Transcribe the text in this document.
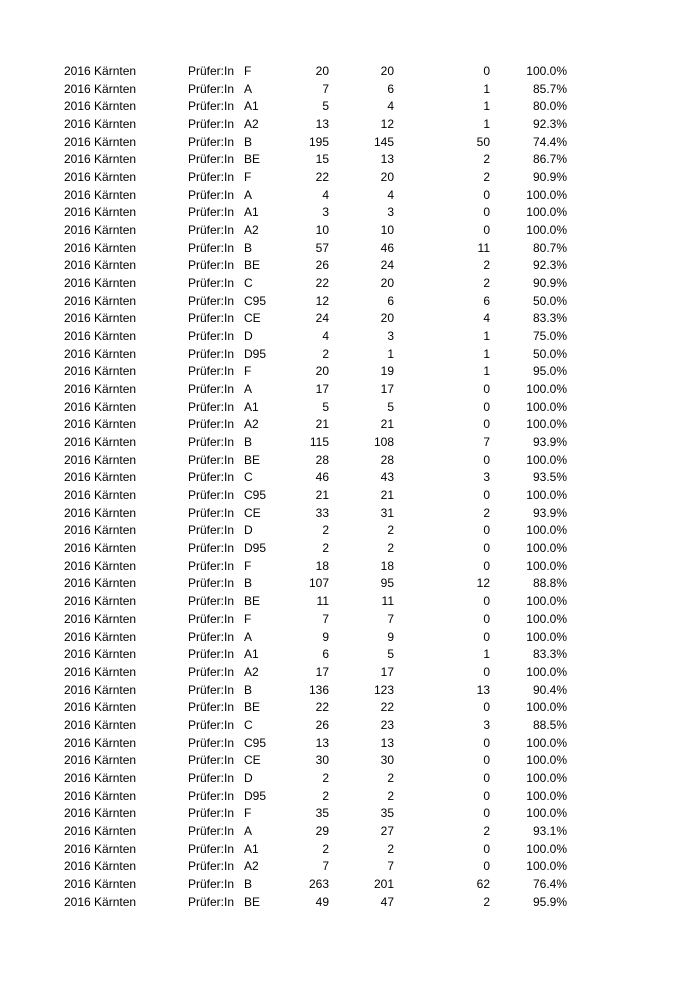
2016 Kärnten	Prüfer:In F	20	20	0	100.0%
2016 Kärnten	Prüfer:In A	7	6	1	85.7%
2016 Kärnten	Prüfer:In A1	5	4	1	80.0%
2016 Kärnten	Prüfer:In A2	13	12	1	92.3%
2016 Kärnten	Prüfer:In B	195	145	50	74.4%
2016 Kärnten	Prüfer:In BE	15	13	2	86.7%
2016 Kärnten	Prüfer:In F	22	20	2	90.9%
2016 Kärnten	Prüfer:In A	4	4	0	100.0%
2016 Kärnten	Prüfer:In A1	3	3	0	100.0%
2016 Kärnten	Prüfer:In A2	10	10	0	100.0%
2016 Kärnten	Prüfer:In B	57	46	11	80.7%
2016 Kärnten	Prüfer:In BE	26	24	2	92.3%
2016 Kärnten	Prüfer:In C	22	20	2	90.9%
2016 Kärnten	Prüfer:In C95	12	6	6	50.0%
2016 Kärnten	Prüfer:In CE	24	20	4	83.3%
2016 Kärnten	Prüfer:In D	4	3	1	75.0%
2016 Kärnten	Prüfer:In D95	2	1	1	50.0%
2016 Kärnten	Prüfer:In F	20	19	1	95.0%
2016 Kärnten	Prüfer:In A	17	17	0	100.0%
2016 Kärnten	Prüfer:In A1	5	5	0	100.0%
2016 Kärnten	Prüfer:In A2	21	21	0	100.0%
2016 Kärnten	Prüfer:In B	115	108	7	93.9%
2016 Kärnten	Prüfer:In BE	28	28	0	100.0%
2016 Kärnten	Prüfer:In C	46	43	3	93.5%
2016 Kärnten	Prüfer:In C95	21	21	0	100.0%
2016 Kärnten	Prüfer:In CE	33	31	2	93.9%
2016 Kärnten	Prüfer:In D	2	2	0	100.0%
2016 Kärnten	Prüfer:In D95	2	2	0	100.0%
2016 Kärnten	Prüfer:In F	18	18	0	100.0%
2016 Kärnten	Prüfer:In B	107	95	12	88.8%
2016 Kärnten	Prüfer:In BE	11	11	0	100.0%
2016 Kärnten	Prüfer:In F	7	7	0	100.0%
2016 Kärnten	Prüfer:In A	9	9	0	100.0%
2016 Kärnten	Prüfer:In A1	6	5	1	83.3%
2016 Kärnten	Prüfer:In A2	17	17	0	100.0%
2016 Kärnten	Prüfer:In B	136	123	13	90.4%
2016 Kärnten	Prüfer:In BE	22	22	0	100.0%
2016 Kärnten	Prüfer:In C	26	23	3	88.5%
2016 Kärnten	Prüfer:In C95	13	13	0	100.0%
2016 Kärnten	Prüfer:In CE	30	30	0	100.0%
2016 Kärnten	Prüfer:In D	2	2	0	100.0%
2016 Kärnten	Prüfer:In D95	2	2	0	100.0%
2016 Kärnten	Prüfer:In F	35	35	0	100.0%
2016 Kärnten	Prüfer:In A	29	27	2	93.1%
2016 Kärnten	Prüfer:In A1	2	2	0	100.0%
2016 Kärnten	Prüfer:In A2	7	7	0	100.0%
2016 Kärnten	Prüfer:In B	263	201	62	76.4%
2016 Kärnten	Prüfer:In BE	49	47	2	95.9%
